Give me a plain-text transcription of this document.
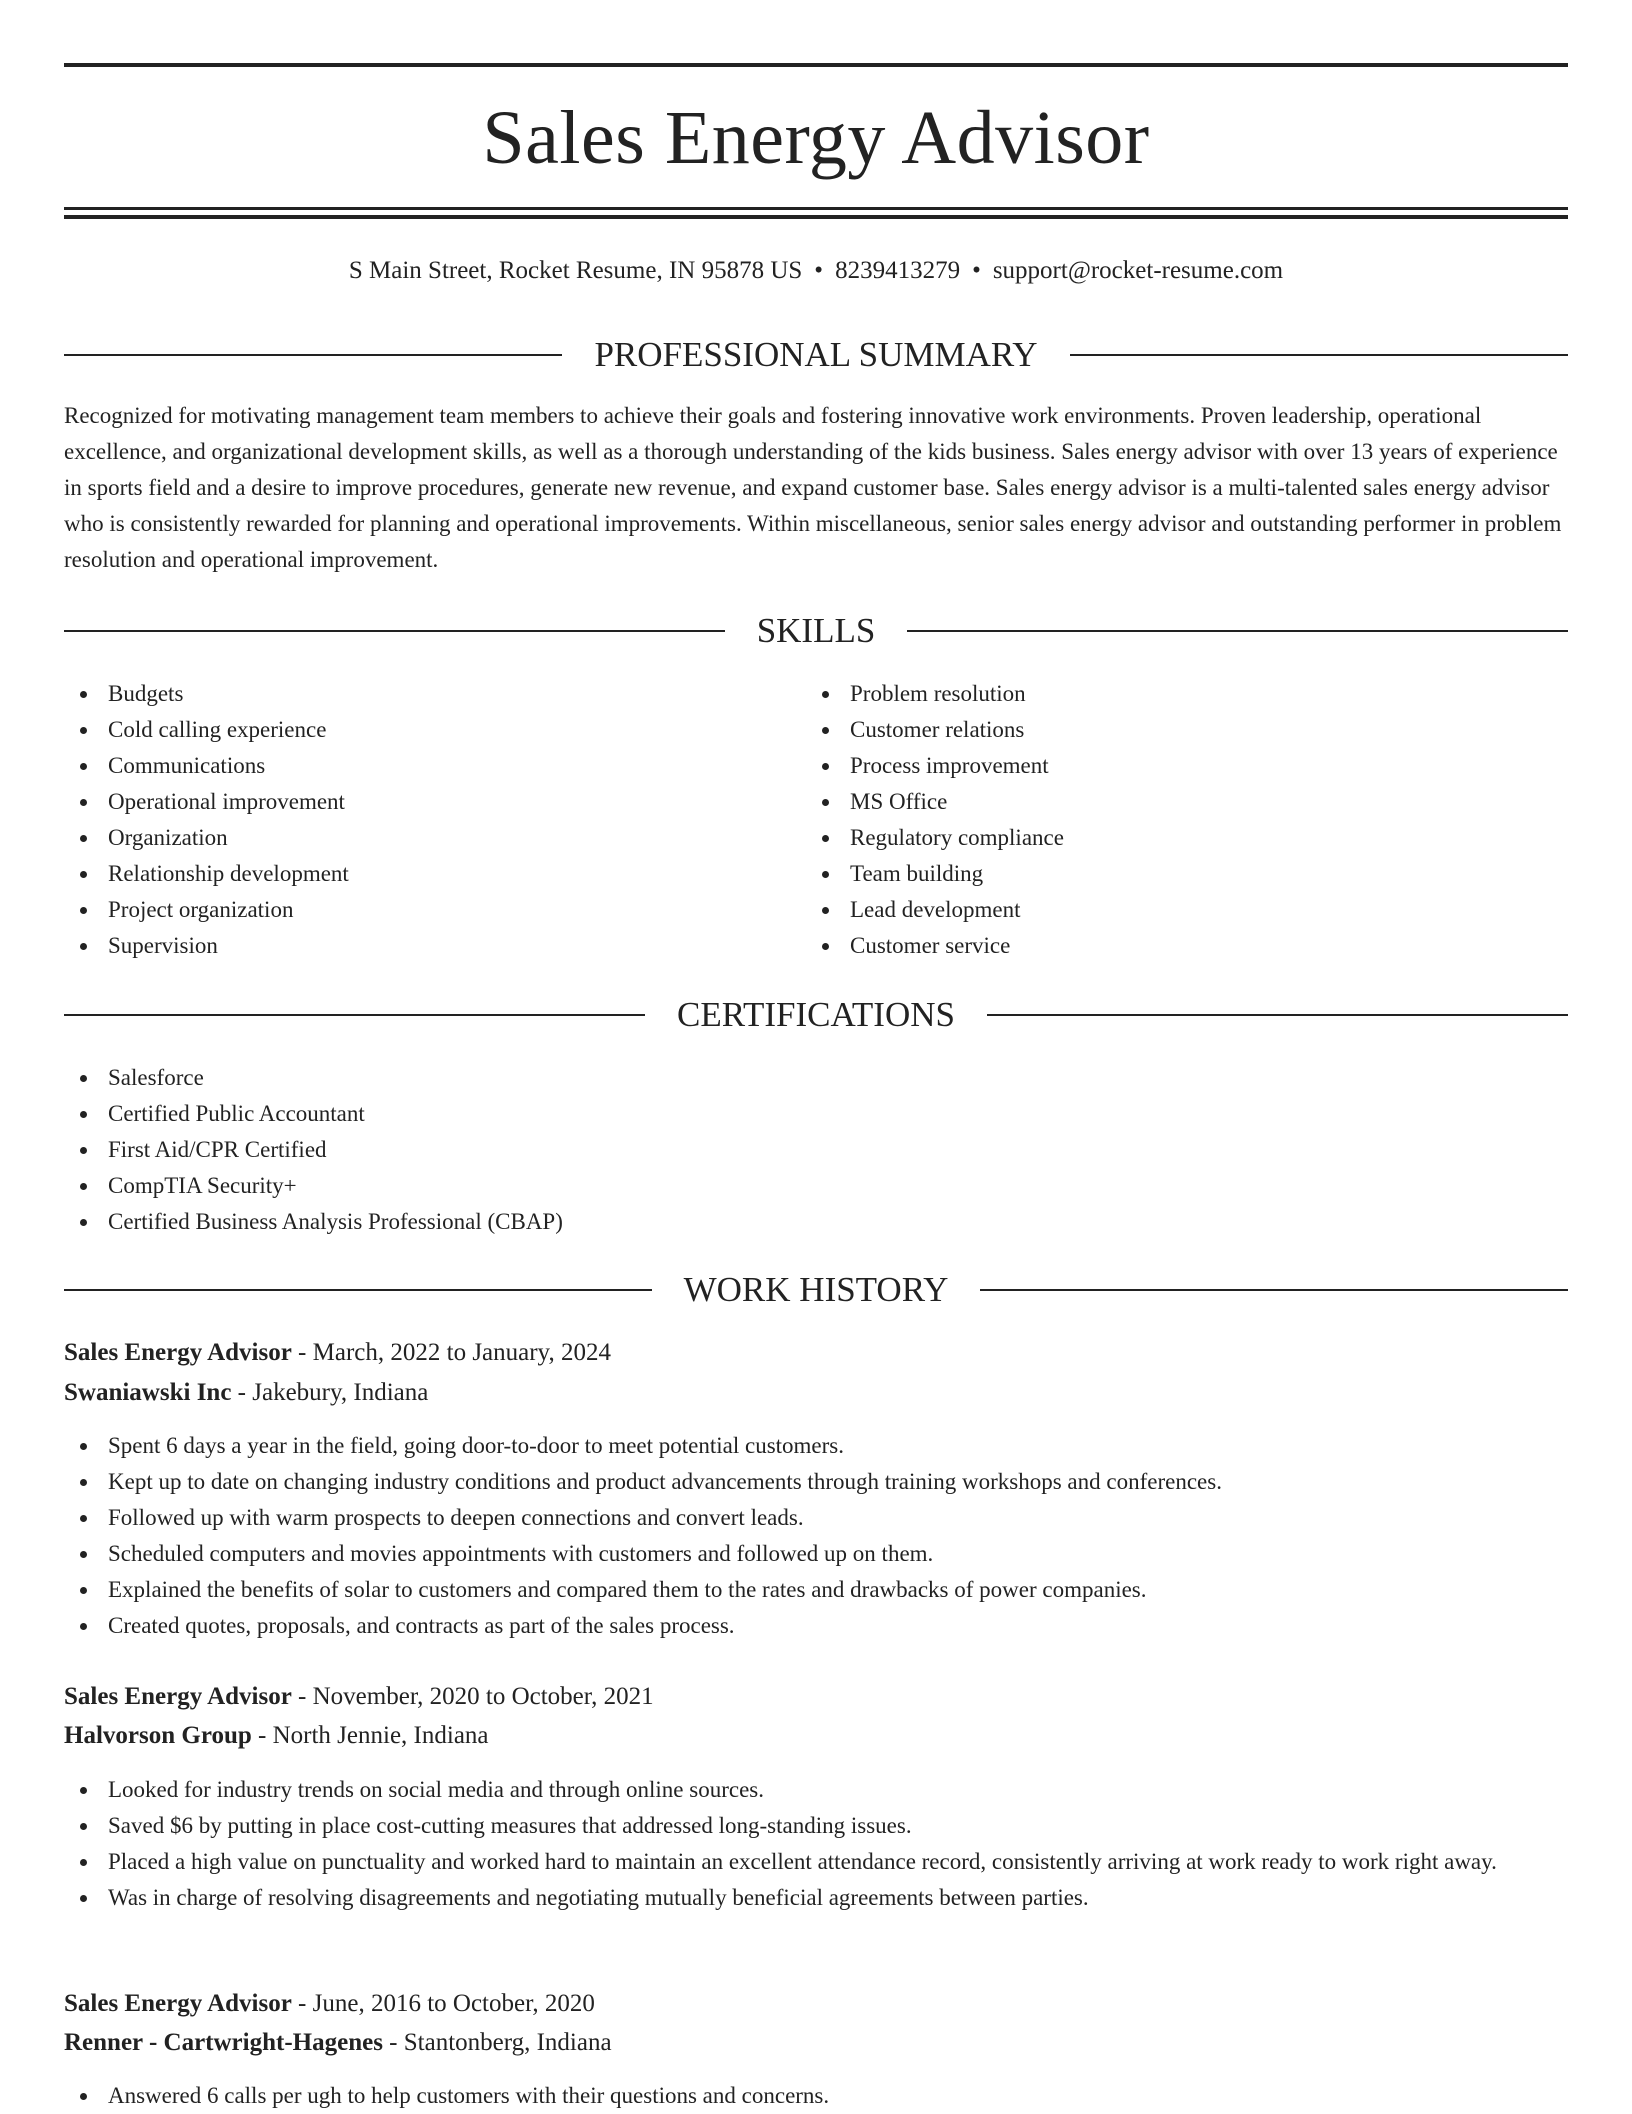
Sales Energy Advisor
S Main Street, Rocket Resume, IN 95878 US • 8239413279 • support@rocket-resume.com
PROFESSIONAL SUMMARY

Recognized for motivating management team members to achieve their goals and fostering innovative work environments. Proven leadership, operational excellence, and organizational development skills, as well as a thorough understanding of the kids business. Sales energy advisor with over 13 years of experience in sports field and a desire to improve procedures, generate new revenue, and expand customer base. Sales energy advisor is a multi-talented sales energy advisor who is consistently rewarded for planning and operational improvements. Within miscellaneous, senior sales energy advisor and outstanding performer in problem resolution and operational improvement.

SKILLS
Budgets
Cold calling experience
Communications
Operational improvement
Organization
Relationship development
Project organization
Supervision
Problem resolution
Customer relations
Process improvement
MS Office
Regulatory compliance
Team building
Lead development
Customer service
CERTIFICATIONS
Salesforce
Certified Public Accountant
First Aid/CPR Certified
CompTIA Security+
Certified Business Analysis Professional (CBAP)
WORK HISTORY
Sales Energy Advisor - March, 2022 to January, 2024
Swaniawski Inc - Jakebury, Indiana
Spent 6 days a year in the field, going door-to-door to meet potential customers.
Kept up to date on changing industry conditions and product advancements through training workshops and conferences.
Followed up with warm prospects to deepen connections and convert leads.
Scheduled computers and movies appointments with customers and followed up on them.
Explained the benefits of solar to customers and compared them to the rates and drawbacks of power companies.
Created quotes, proposals, and contracts as part of the sales process.
Sales Energy Advisor - November, 2020 to October, 2021
Halvorson Group - North Jennie, Indiana
Looked for industry trends on social media and through online sources.
Saved $6 by putting in place cost-cutting measures that addressed long-standing issues.
Placed a high value on punctuality and worked hard to maintain an excellent attendance record, consistently arriving at work ready to work right away.
Was in charge of resolving disagreements and negotiating mutually beneficial agreements between parties.
Sales Energy Advisor - June, 2016 to October, 2020
Renner - Cartwright-Hagenes - Stantonberg, Indiana
Answered 6 calls per ugh to help customers with their questions and concerns.
